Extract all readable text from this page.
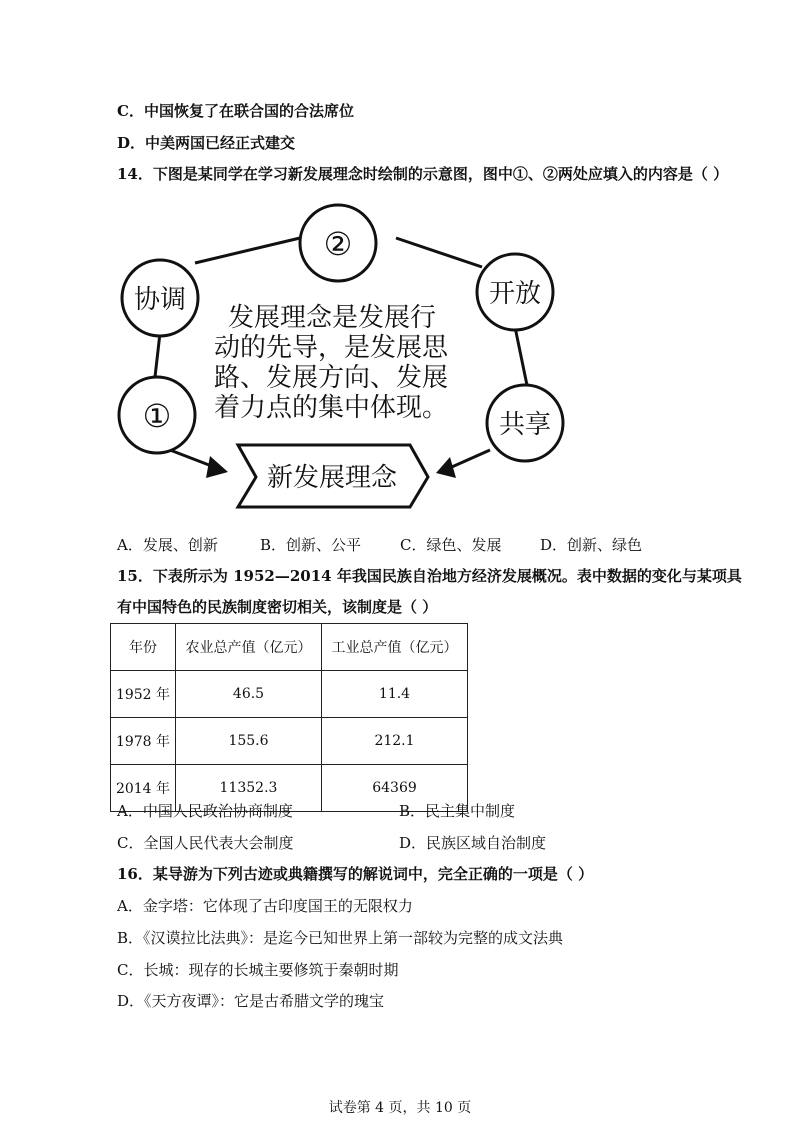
C．中国恢复了在联合国的合法席位
D．中美两国已经正式建交
14．下图是某同学在学习新发展理念时绘制的示意图，图中①、②两处应填入的内容是（ ）
②
协调	开放
①	共享
发展理念是发展行
动的先导，是发展思
路、发展方向、发展
着力点的集中体现。
新发展理念
A．发展、创新	B．创新、公平	C．绿色、发展	D．创新、绿色
15．下表所示为 1952—2014 年我国民族自治地方经济发展概况。表中数据的变化与某项具
有中国特色的民族制度密切相关，该制度是（ ）
年份	农业总产值（亿元）	工业总产值（亿元）
1952 年	46.5	11.4
1978 年	155.6	212.1
2014 年	11352.3	64369
A．中国人民政治协商制度	B．民主集中制度
C．全国人民代表大会制度	D．民族区域自治制度
16．某导游为下列古迹或典籍撰写的解说词中，完全正确的一项是（ ）
A．金字塔：它体现了古印度国王的无限权力
B．《汉谟拉比法典》：是迄今已知世界上第一部较为完整的成文法典
C．长城：现存的长城主要修筑于秦朝时期
D．《天方夜谭》：它是古希腊文学的瑰宝
试卷第 4 页，共 10 页
